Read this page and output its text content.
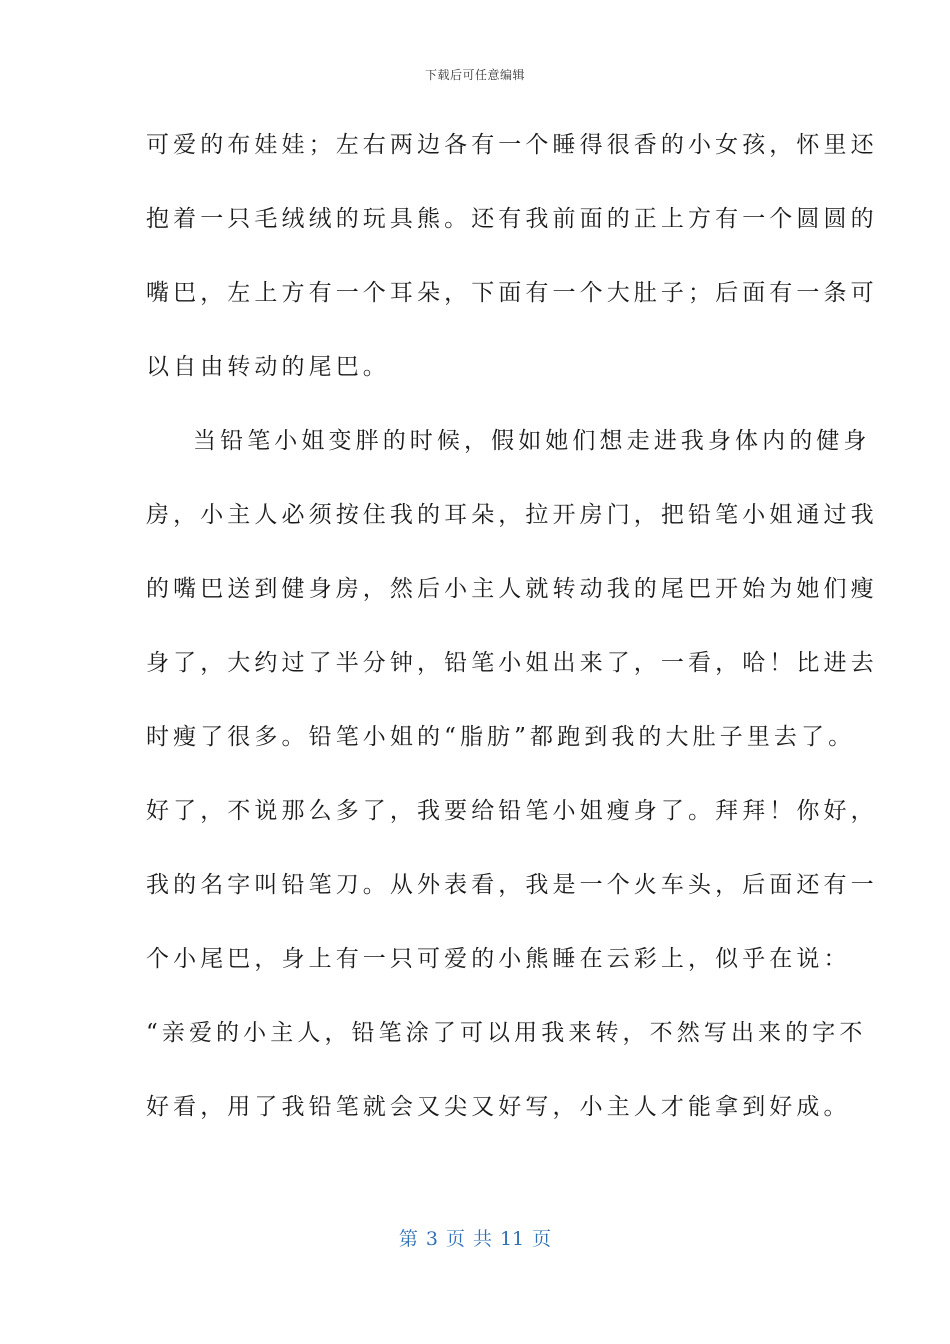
下载后可任意编辑
可爱的布娃娃；左右两边各有一个睡得很香的小女孩，怀里还
抱着一只毛绒绒的玩具熊。还有我前面的正上方有一个圆圆的
嘴巴，左上方有一个耳朵，下面有一个大肚子；后面有一条可
以自由转动的尾巴。
当铅笔小姐变胖的时候，假如她们想走进我身体内的健身
房，小主人必须按住我的耳朵，拉开房门，把铅笔小姐通过我
的嘴巴送到健身房，然后小主人就转动我的尾巴开始为她们瘦
身了，大约过了半分钟，铅笔小姐出来了，一看，哈！比进去
时瘦了很多。铅笔小姐的“脂肪”都跑到我的大肚子里去了。
好了，不说那么多了，我要给铅笔小姐瘦身了。拜拜！你好，
我的名字叫铅笔刀。从外表看，我是一个火车头，后面还有一
个小尾巴，身上有一只可爱的小熊睡在云彩上，似乎在说：
“亲爱的小主人，铅笔涂了可以用我来转，不然写出来的字不
好看，用了我铅笔就会又尖又好写，小主人才能拿到好成。
第 3 页 共 11 页
